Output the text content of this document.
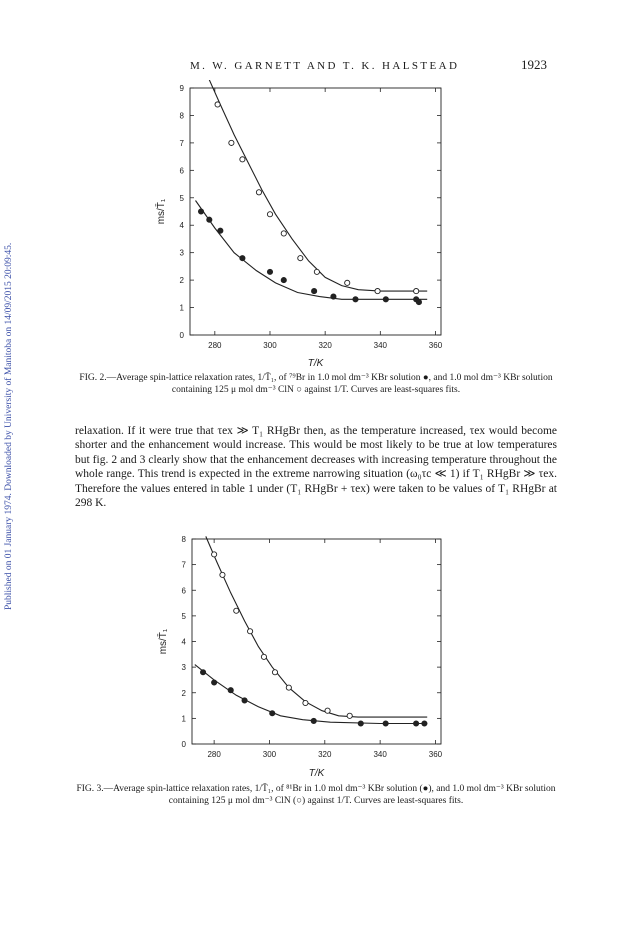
Published on 01 January 1974. Downloaded by University of Manitoba on 14/09/2015 20:09:45.
M. W. GARNETT AND T. K. HALSTEAD	1923
0
1
2
3
4
5
6
7
8
9
280	300	320	340	360
T/K
ms/T̄₁
FIG. 2.—Average spin-lattice relaxation rates, 1/T̄₁, of ⁷⁹Br in 1.0 mol dm⁻³ KBr solution ●, and 1.0 mol dm⁻³ KBr solution containing 125 μ mol dm⁻³ ClN ○ against 1/T. Curves are least-squares fits.
relaxation. If it were true that τex ≫ T₁ RHgBr then, as the temperature increased, τex would become shorter and the enhancement would increase. This would be most likely to be true at low temperatures but fig. 2 and 3 clearly show that the enhancement decreases with increasing temperature throughout the whole range. This trend is expected in the extreme narrowing situation (ω₀τc ≪ 1) if T₁ RHgBr ≫ τex. Therefore the values entered in table 1 under (T₁ RHgBr + τex) were taken to be values of T₁ RHgBr at 298 K.
0
1
2
3
4
5
6
7
8
280	300	320	340	360
T/K
ms/T̄₁
FIG. 3.—Average spin-lattice relaxation rates, 1/T̄₁, of ⁸¹Br in 1.0 mol dm⁻³ KBr solution (●), and 1.0 mol dm⁻³ KBr solution containing 125 μ mol dm⁻³ ClN (○) against 1/T. Curves are least-squares fits.
